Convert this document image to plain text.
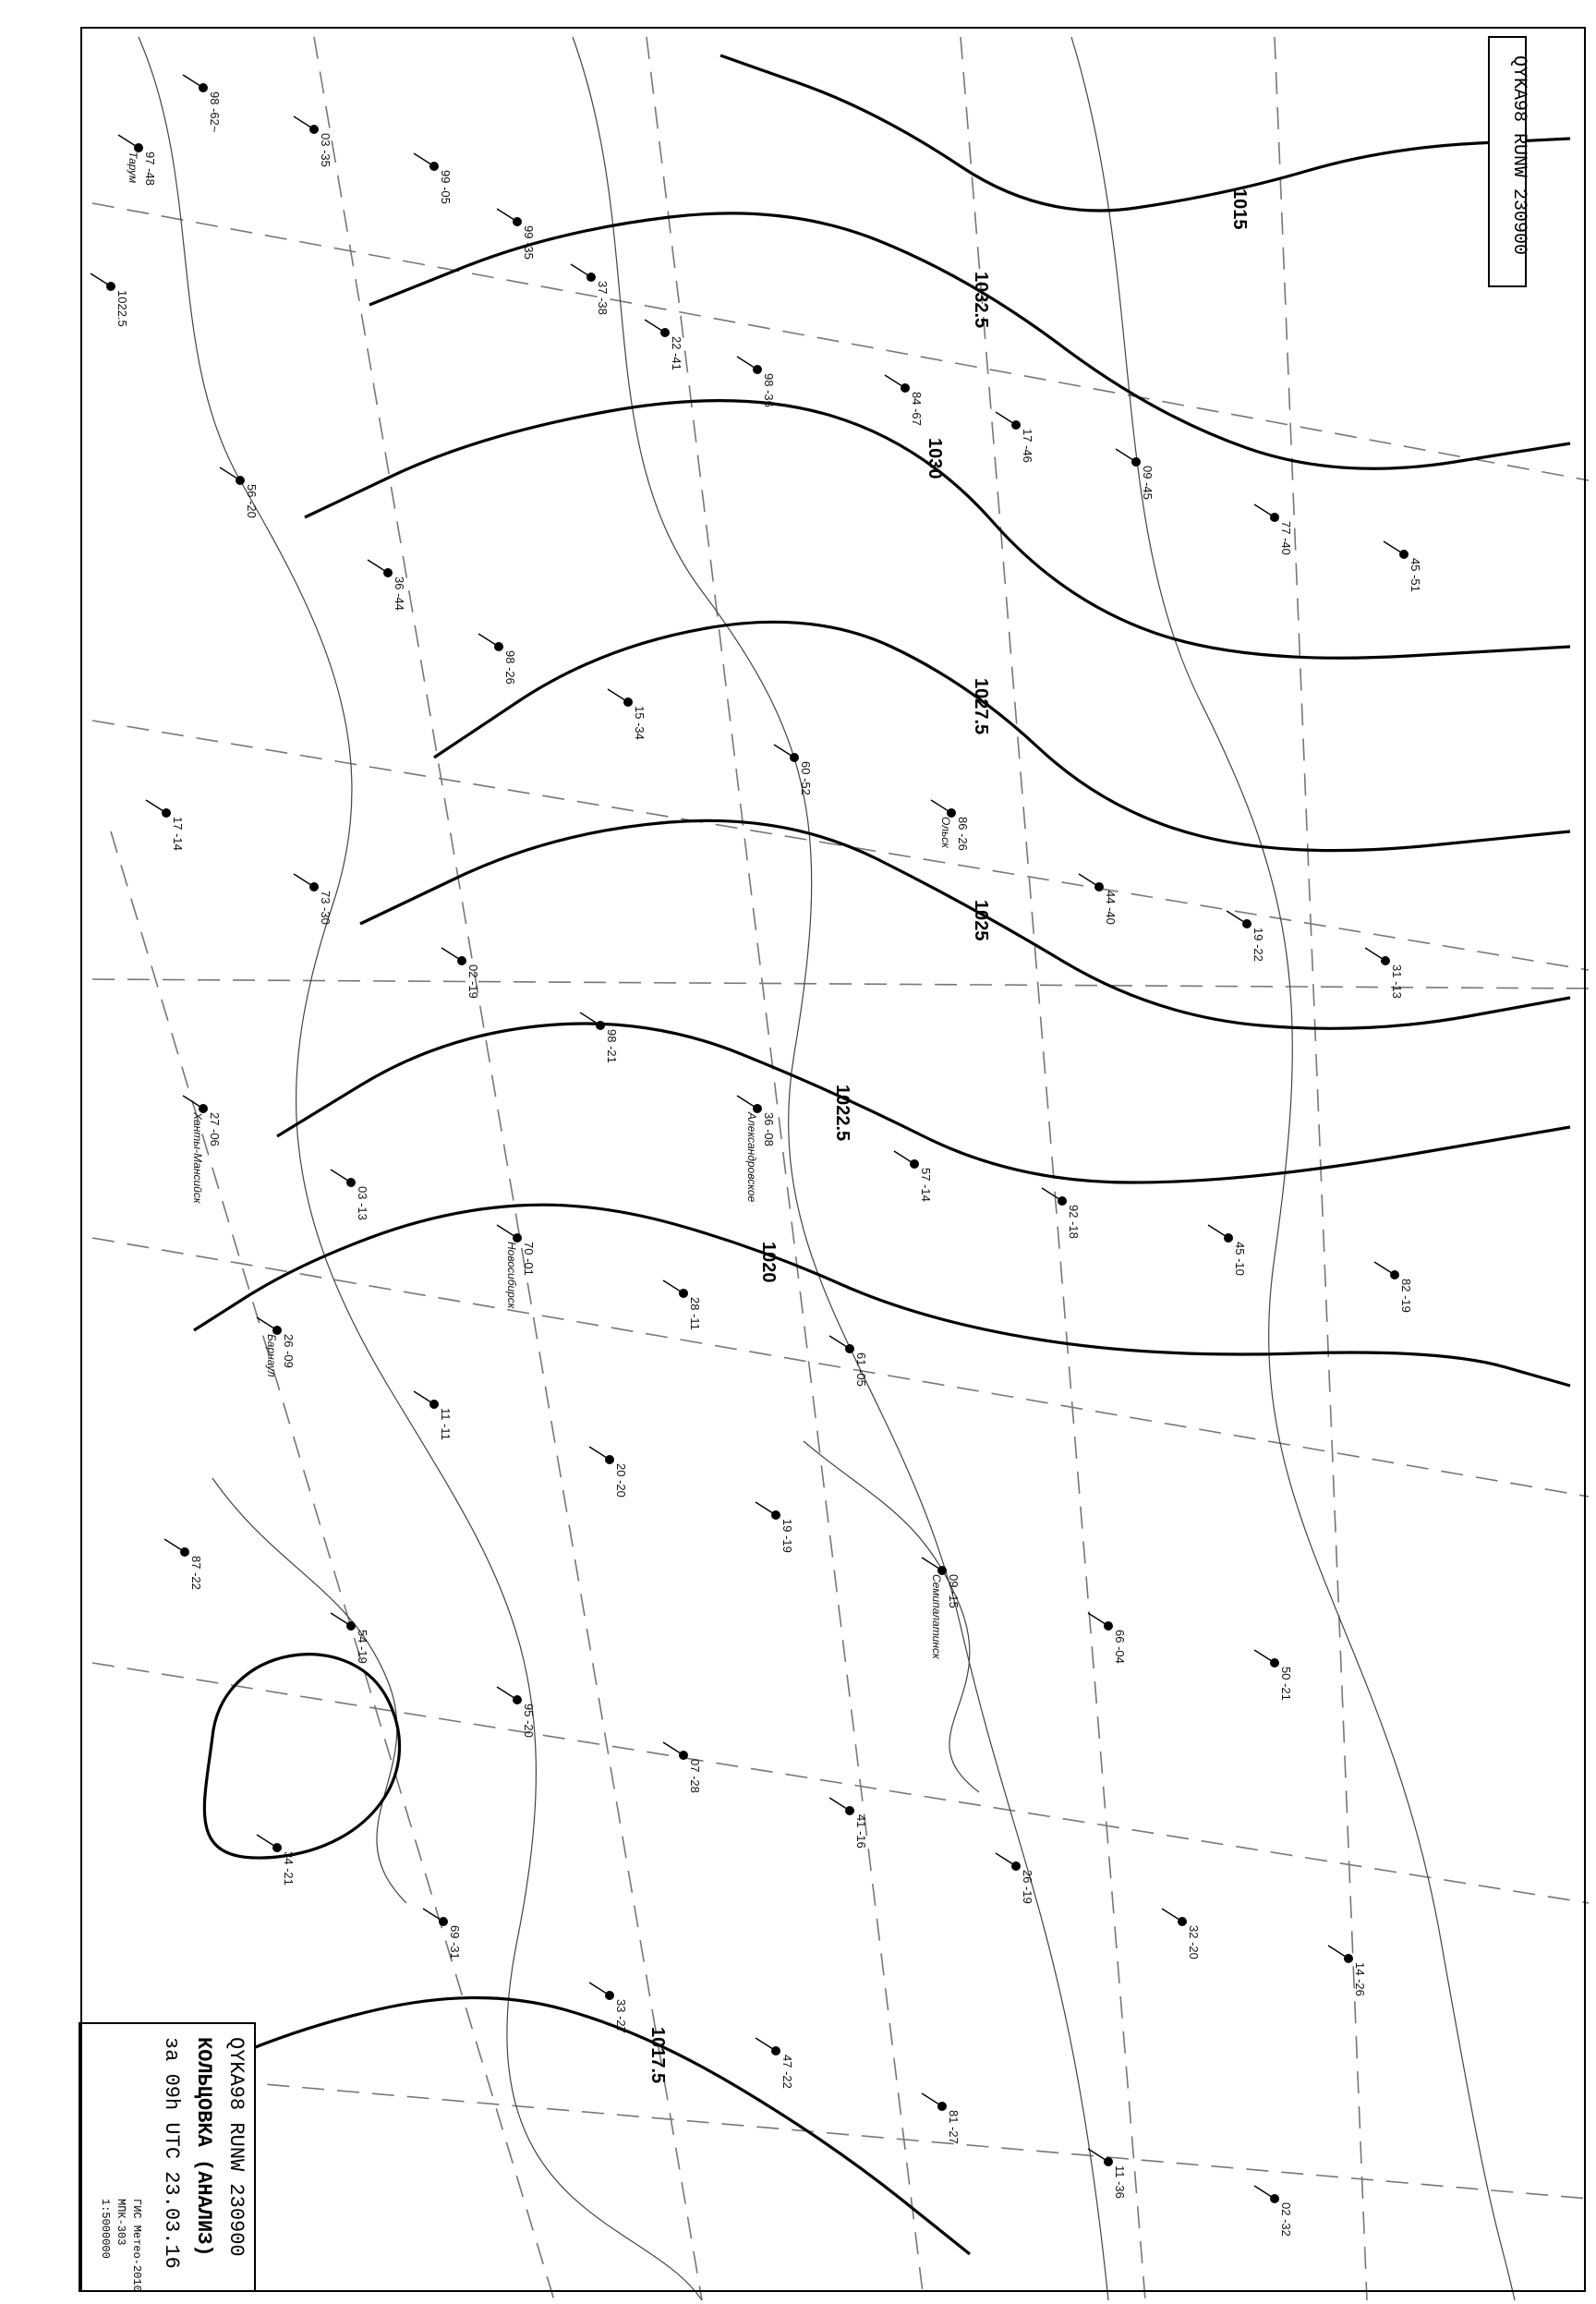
1020
1022.5
1025
1027.5
1030
1032.5
1015
1017.5
98 -62~
03 -35
97 -48
Тарум
1022.5
99 -05
99 -35
37 -38
22 -41
98 -36
84 -67
17 -46
09 -45
77 -40
45 -51
56 -20
36 -44
98 -26
15 -34
60 -52
86 -26
Ольск
44 -40
19 -22
31 -13
17 -14
73 -30
02 -19
98 -21
36 -08
Александровское	57 -14
92 -18
45 -10
82 -19
27 -06
Ханты-Мансийск	03 -13
70 -01
Новосибирск
28 -11
61 -05
26 -09
Барнаул
11 -11
20 -20
19 -19
09 -15
Семипалатинск	66 -04
50 -21
87 -22
54 -19
95 -20
07 -28
41 -16
26 -19
32 -20
14 -26
34 -21
69 -31
33 -27
47 -22
81 -27
11 -36
02 -32
QYKA98 RUNW 230900
QYKA98 RUNW 230900
КОЛЬЦОВКА (АНАЛИЗ)
за 09h UTC 23.03.16
ГИС Метео-2010
МПК-303
1:5000000
